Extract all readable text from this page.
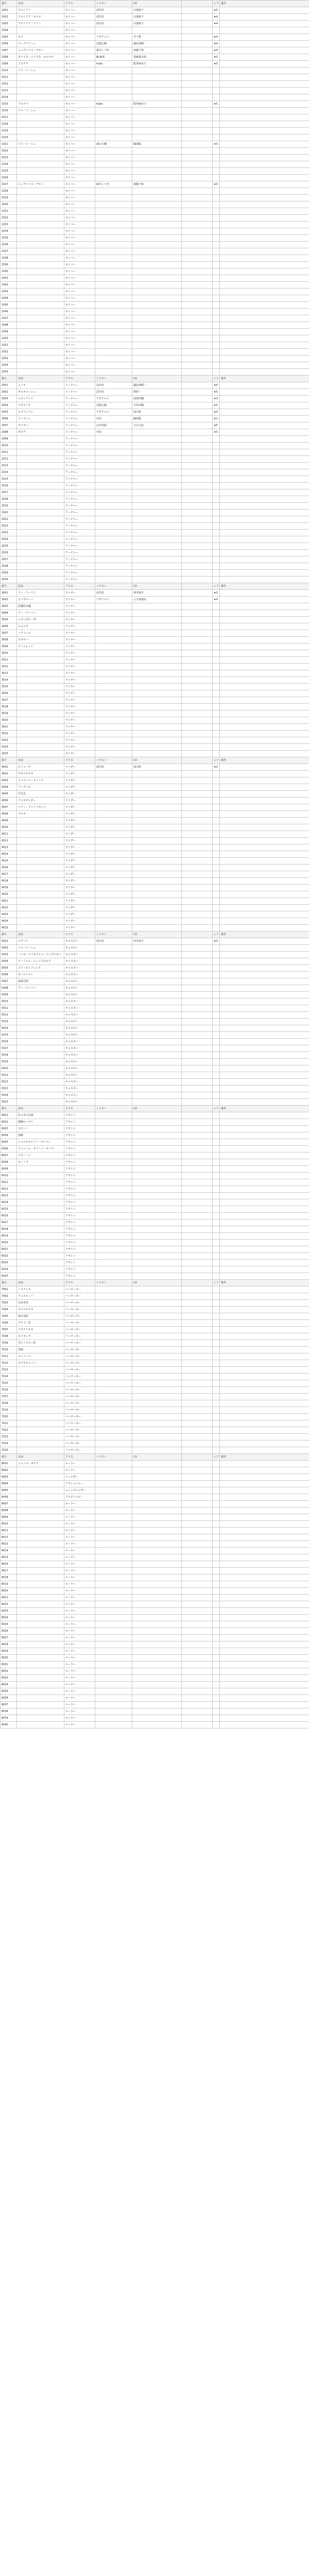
番号	名前	クラス	イラスト	CV		レア	備考
1001	アルトリア	セイバー	武内崇	川澄綾子		★5	
1002	アルトリア・オルタ	セイバー	武内崇	川澄綾子		★4	
1003	アルトリア・リリィ	セイバー	武内崇	川澄綾子		★4	
1004		セイバー					
1005	ネロ	セイバー	ワダアルコ	丹下桜		★4	
1006	ジークフリート	セイバー	近衛乙嗣	諏訪部順一		★4	
1007	シュヴァリエ・デオン	セイバー	森井しづき	斎藤千和		★4	
1008	ガイウス・ユリウス・カエサル	セイバー	BLACK	置鮎龍太郎		★3	
1009	アルテラ	セイバー	huke	能登麻美子		★5	
1010	ジル・ド・レェ	セイバー					
1011		セイバー					
1012		セイバー					
1013		セイバー					
1014		セイバー					
1015	アルテラ	セイバー	huke	能登麻美子		★5	
1016	ジル・ド・レェ	セイバー					
1017		セイバー					
1018		セイバー					
1019		セイバー					
1020		セイバー					
1021	ジル・ド・レェ	セイバー	森山大輔	鶴岡聡		★3	
1022		セイバー					
1023		セイバー					
1024		セイバー					
1025		セイバー					
1026		セイバー					
1027	シュヴァリエ・デオン	セイバー	森井しづき	斎藤千和		★4	
1028		セイバー					
1029		セイバー					
1030		セイバー					
1031		セイバー					
1032		セイバー					
1033		セイバー					
1034		セイバー					
1035		セイバー					
1036		セイバー					
1037		セイバー					
1038		セイバー					
1039		セイバー					
1040		セイバー					
1041		セイバー					
1042		セイバー					
1043		セイバー					
1044		セイバー					
1045		セイバー					
1046		セイバー					
1047		セイバー					
1048		セイバー					
1049		セイバー					
1050		セイバー					
1051		セイバー					
1052		セイバー					
1053		セイバー					
1054		セイバー					
1055		セイバー					
番号	名前	クラス	イラスト	CV		レア	備考
2001	エミヤ	アーチャー	武内崇	諏訪部順一		★4	
2002	ギルガメッシュ	アーチャー	武内崇	関智一		★5	
2003	ロビンフッド	アーチャー	ワダアルコ	鳥海浩輔		★3	
2004	アタランテ	アーチャー	近衛乙嗣	早見沙織		★4	
2005	エウリュアレ	アーチャー	ワダアルコ	浅川悠		★3	
2006	アーラシュ	アーチャー	中原	鶴岡聡		★1	
2007	オリオン	アーチャー	山中虎鉄	小山力也		★5	
2008	ダビデ	アーチャー	中原			★3	
2009		アーチャー					
2010		アーチャー					
2011		アーチャー					
2012		アーチャー					
2013		アーチャー					
2014		アーチャー					
2015		アーチャー					
2016		アーチャー					
2017		アーチャー					
2018		アーチャー					
2019		アーチャー					
2020		アーチャー					
2021		アーチャー					
2022		アーチャー					
2023		アーチャー					
2024		アーチャー					
2025		アーチャー					
2026		アーチャー					
2027		アーチャー					
2028		アーチャー					
2029		アーチャー					
2030		アーチャー					
番号	名前	クラス	イラスト	CV		レア	備考
3001	クー・フーリン	ランサー	武内崇	神奈延年		★3	
3002	エリザベート	ランサー	ワダアルコ	大久保瑠美		★4	
3003	武蔵坊弁慶	ランサー					
3004	クー・フーリン	ランサー					
3005	レオニダス一世	ランサー					
3006	ロムルス	ランサー					
3007	ヘクトール	ランサー					
3008	スカサハ	ランサー					
3009	ディルムッド	ランサー					
3010		ランサー					
3011		ランサー					
3012		ランサー					
3013		ランサー					
3014		ランサー					
3015		ランサー					
3016		ランサー					
3017		ランサー					
3018		ランサー					
3019		ランサー					
3020		ランサー					
3021		ランサー					
3022		ランサー					
3023		ランサー					
3024		ランサー					
3025		ランサー					
番号	名前	クラス	イラスト	CV		レア	備考
4001	メドゥーサ	ライダー	武内崇	浅川悠		★3	
4002	ゲオルギウス	ライダー					
4003	エドワード・ティーチ	ライダー					
4004	ブーディカ	ライダー					
4005	牛若丸	ライダー					
4006	アレキサンダー	ライダー					
4007	マリー・アントワネット	ライダー					
4008	マルタ	ライダー					
4009		ライダー					
4010		ライダー					
4011		ライダー					
4012		ライダー					
4013		ライダー					
4014		ライダー					
4015		ライダー					
4016		ライダー					
4017		ライダー					
4018		ライダー					
4019		ライダー					
4020		ライダー					
4021		ライダー					
4022		ライダー					
4023		ライダー					
4024		ライダー					
4025		ライダー					
番号	名前	クラス	イラスト	CV		レア	備考
5001	メディア	キャスター	武内崇	田中敦子		★3	
5002	ジル・ド・レェ	キャスター					
5003	ハンス・クリスチャン・アンデルセン	キャスター					
5004	ウィリアム・シェイクスピア	キャスター					
5005	メフィストフェレス	キャスター					
5006	モーツァルト	キャスター					
5007	諸葛孔明	キャスター					
5008	クー・フーリン	キャスター					
5009		キャスター					
5010		キャスター					
5011		キャスター					
5012		キャスター					
5013		キャスター					
5014		キャスター					
5015		キャスター					
5016		キャスター					
5017		キャスター					
5018		キャスター					
5019		キャスター					
5020		キャスター					
5021		キャスター					
5022		キャスター					
5023		キャスター					
5024		キャスター					
5025		キャスター					
番号	名前	クラス	イラスト	CV		レア	備考
6001	佐々木小次郎	アサシン					
6002	呪腕のハサン	アサシン					
6003	ステンノ	アサシン					
6004	荊軻	アサシン					
6005	シャルル=アンリ・サンソン	アサシン					
6006	ファントム・オブ・ジ・オペラ	アサシン					
6007	マタ・ハリ	アサシン					
6008	カーミラ	アサシン					
6009		アサシン					
6010		アサシン					
6011		アサシン					
6012		アサシン					
6013		アサシン					
6014		アサシン					
6015		アサシン					
6016		アサシン					
6017		アサシン					
6018		アサシン					
6019		アサシン					
6020		アサシン					
6021		アサシン					
6022		アサシン					
6023		アサシン					
6024		アサシン					
6025		アサシン					
番号	名前	クラス	イラスト	CV		レア	備考
7001	ヘラクレス	バーサーカー					
7002	ランスロット	バーサーカー					
7003	呂布奉先	バーサーカー					
7004	スパルタクス	バーサーカー					
7005	坂田金時	バーサーカー					
7006	ヴラド三世	バーサーカー					
7007	アステリオス	バーサーカー					
7008	カリギュラ	バーサーカー					
7009	ダレイオス三世	バーサーカー					
7010	清姫	バーサーカー					
7011	エイリーク	バーサーカー					
7012	タマモキャット	バーサーカー					
7013		バーサーカー					
7014		バーサーカー					
7015		バーサーカー					
7016		バーサーカー					
7017		バーサーカー					
7018		バーサーカー					
7019		バーサーカー					
7020		バーサーカー					
7021		バーサーカー					
7022		バーサーカー					
7023		バーサーカー					
7024		バーサーカー					
7025		バーサーカー					
番号	名前	クラス	イラスト	CV		レア	備考
8001	ジャンヌ・ダルク	ルーラー					
8002		ルーラー					
8003		シールダー					
8004		アヴェンジャー					
8005		ムーンキャンサー					
8006		アルターエゴ					
8007		ルーラー					
8008		ルーラー					
8009		ルーラー					
8010		ルーラー					
8011		ルーラー					
8012		ルーラー					
8013		ルーラー					
8014		ルーラー					
8015		ルーラー					
8016		ルーラー					
8017		ルーラー					
8018		ルーラー					
8019		ルーラー					
8020		ルーラー					
8021		ルーラー					
8022		ルーラー					
8023		ルーラー					
8024		ルーラー					
8025		ルーラー					
8026		ルーラー					
8027		ルーラー					
8028		ルーラー					
8029		ルーラー					
8030		ルーラー					
8031		ルーラー					
8032		ルーラー					
8033		ルーラー					
8034		ルーラー					
8035		ルーラー					
8036		ルーラー					
8037		ルーラー					
8038		ルーラー					
8039		ルーラー					
8040		ルーラー					
